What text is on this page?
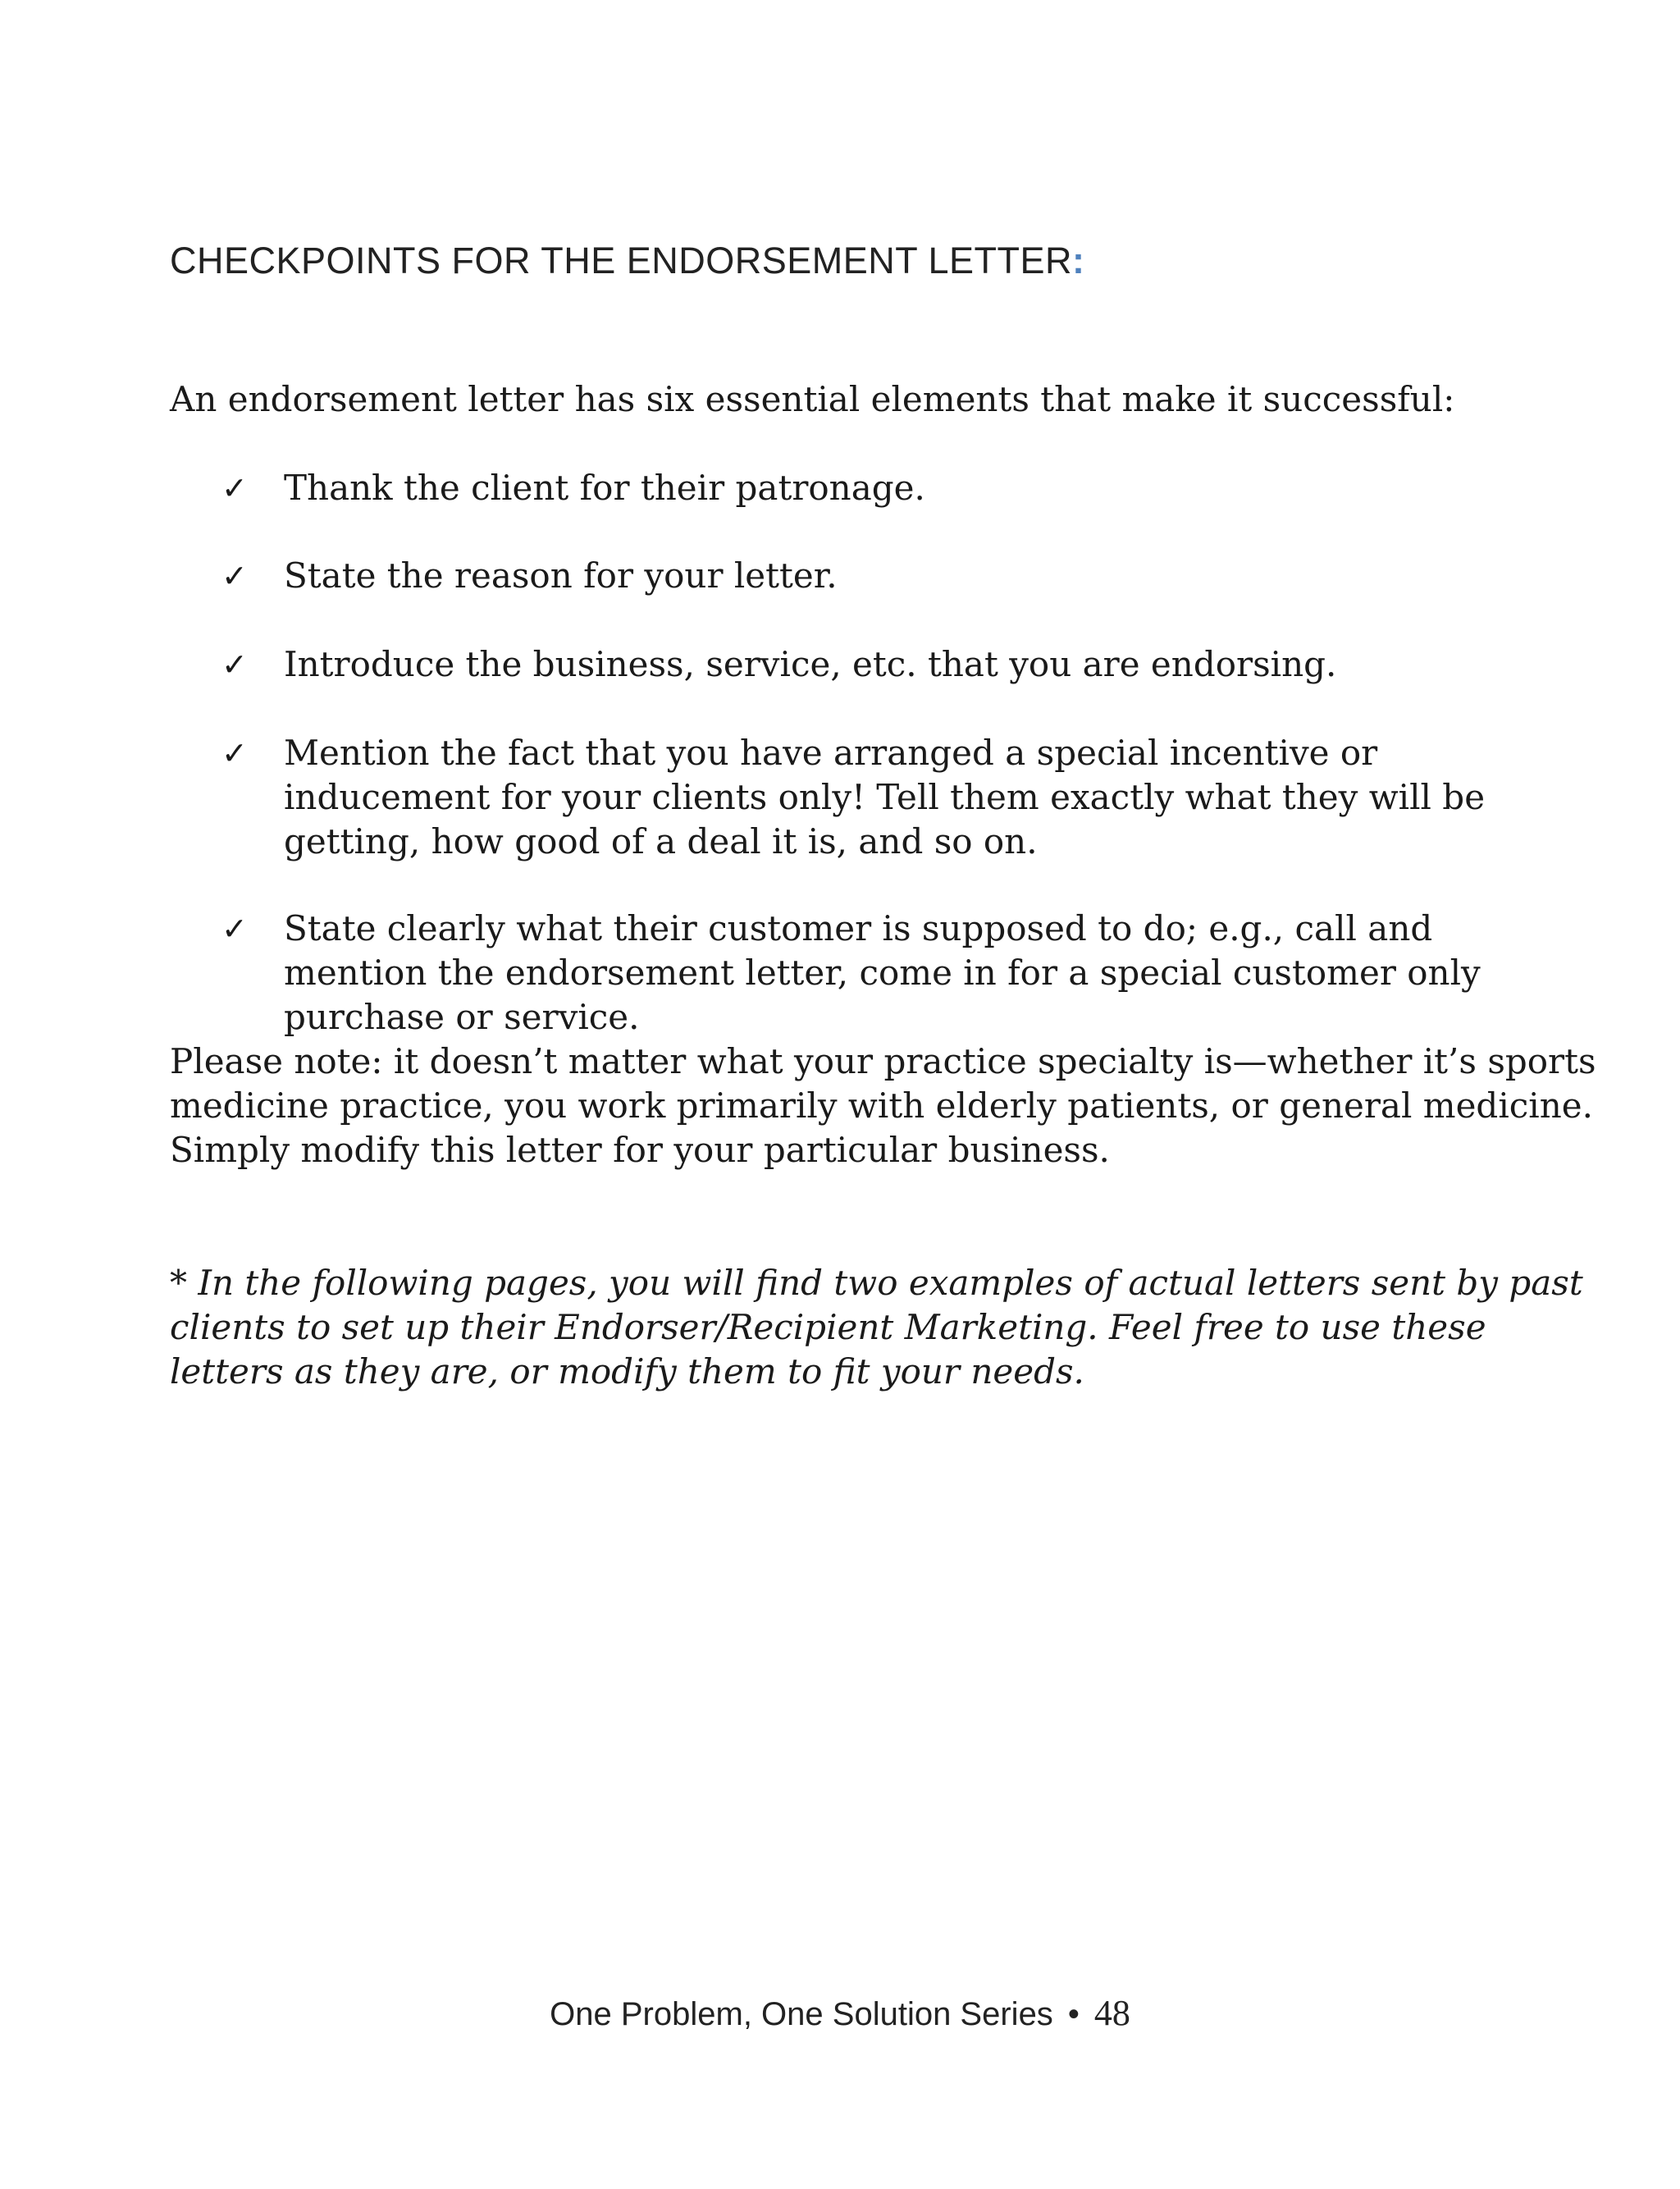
CHECKPOINTS FOR THE ENDORSEMENT LETTER:
An endorsement letter has six essential elements that make it successful:
✓ Thank the client for their patronage.
✓ State the reason for your letter.
✓ Introduce the business, service, etc. that you are endorsing.
✓ Mention the fact that you have arranged a special incentive or inducement for your clients only! Tell them exactly what they will be getting, how good of a deal it is, and so on.
✓ State clearly what their customer is supposed to do; e.g., call and mention the endorsement letter, come in for a special customer only purchase or service.
Please note: it doesn’t matter what your practice specialty is—whether it’s sports medicine practice, you work primarily with elderly patients, or general medicine. Simply modify this letter for your particular business.
* In the following pages, you will find two examples of actual letters sent by past clients to set up their Endorser/Recipient Marketing. Feel free to use these letters as they are, or modify them to fit your needs.
One Problem, One Solution Series • 48
